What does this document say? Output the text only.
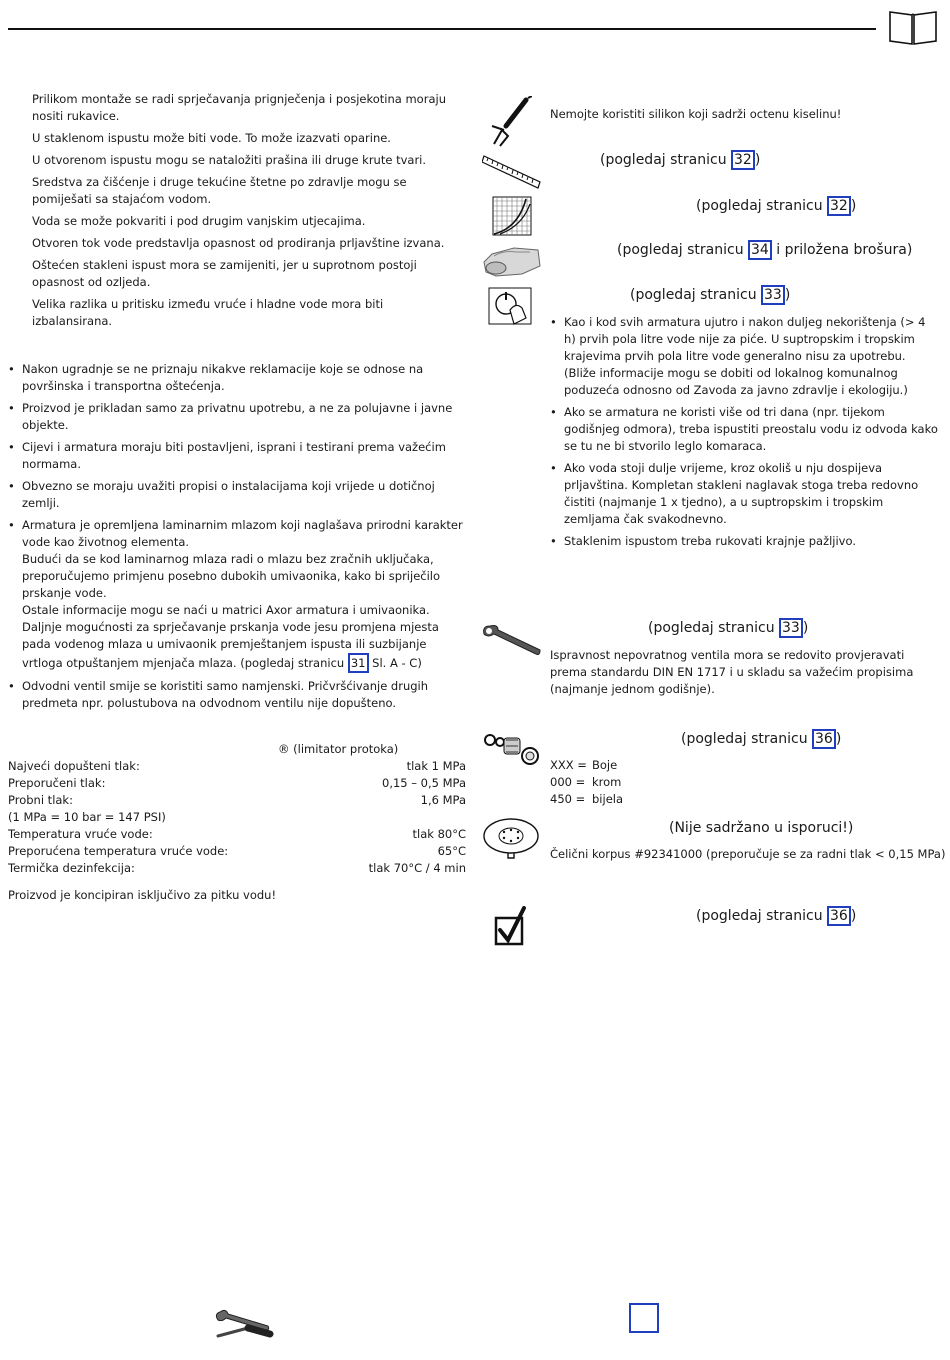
Prilikom montaže se radi sprječavanja prignječenja i posjekotina moraju nositi rukavice.

U staklenom ispustu može biti vode. To može izazvati oparine.

U otvorenom ispustu mogu se nataložiti prašina ili druge krute tvari.

Sredstva za čišćenje i druge tekućine štetne po zdravlje mogu se pomiješati sa stajaćom vodom.

Voda se može pokvariti i pod drugim vanjskim utjecajima.

Otvoren tok vode predstavlja opasnost od prodiranja prljavštine izvana.

Oštećen stakleni ispust mora se zamijeniti, jer u suprotnom postoji opasnost od ozljeda.

Velika razlika u pritisku između vruće i hladne vode mora biti izbalansirana.

• Nakon ugradnje se ne priznaju nikakve reklamacije koje se odnose na površinska i transportna oštećenja.
• Proizvod je prikladan samo za privatnu upotrebu, a ne za polujavne i javne objekte.
• Cijevi i armatura moraju biti postavljeni, isprani i testirani prema važećim normama.
• Obvezno se moraju uvažiti propisi o instalacijama koji vrijede u dotičnoj zemlji.
• Armatura je opremljena laminarnim mlazom koji naglašava prirodni karakter vode kao životnog elementa.
Budući da se kod laminarnog mlaza radi o mlazu bez zračnih uključaka, preporučujemo primjenu posebno dubokih umivaonika, kako bi spriječilo prskanje vode.
Ostale informacije mogu se naći u matrici Axor armatura i umivaonika.
Daljnje mogućnosti za sprječavanje prskanja vode jesu promjena mjesta pada vodenog mlaza u umivaonik premještanjem ispusta ili suzbijanje vrtloga otpuštanjem mjenjača mlaza. (pogledaj stranicu 31 Sl. A - C)
• Odvodni ventil smije se koristiti samo namjenski. Pričvršćivanje drugih predmeta npr. polustubova na odvodnom ventilu nije dopušteno.
® (limitator protoka)
Najveći dopušteni tlak:	tlak 1 MPa
Preporučeni tlak:	0,15 – 0,5 MPa
Probni tlak:	1,6 MPa
(1 MPa = 10 bar = 147 PSI)
Temperatura vruće vode:	tlak 80°C
Preporućena temperatura vruće vode:	65°C
Termička dezinfekcija:	tlak 70°C / 4 min
Proizvod je koncipiran isključivo za pitku vodu!
Nemojte koristiti silikon koji sadrži octenu kiselinu!
(pogledaj stranicu 32 )
(pogledaj stranicu 32 )
(pogledaj stranicu 34 i priložena brošura)
(pogledaj stranicu 33 )
• Kao i kod svih armatura ujutro i nakon duljeg nekorištenja (> 4 h) prvih pola litre vode nije za piće. U suptropskim i tropskim krajevima prvih pola litre vode generalno nisu za upotrebu. (Bliže informacije mogu se dobiti od lokalnog komunalnog poduzeća odnosno od Zavoda za javno zdravlje i ekologiju.)
• Ako se armatura ne koristi više od tri dana (npr. tijekom godišnjeg odmora), treba ispustiti preostalu vodu iz odvoda kako se tu ne bi stvorilo leglo komaraca.
• Ako voda stoji dulje vrijeme, kroz okoliš u nju dospijeva prljavština. Kompletan stakleni naglavak stoga treba redovno čistiti (najmanje 1 x tjedno), a u suptropskim i tropskim zemljama čak svakodnevno.
• Staklenim ispustom treba rukovati krajnje pažljivo.
(pogledaj stranicu 33 )
Ispravnost nepovratnog ventila mora se redovito provjeravati prema standardu DIN EN 1717 i u skladu sa važećim propisima (najmanje jednom godišnje).
(pogledaj stranicu 36 )
XXX = Boje
000 = krom
450 = bijela
(Nije sadržano u isporuci!)
Čelični korpus #92341000 (preporučuje se za radni tlak < 0,15 MPa)
(pogledaj stranicu 36 )
